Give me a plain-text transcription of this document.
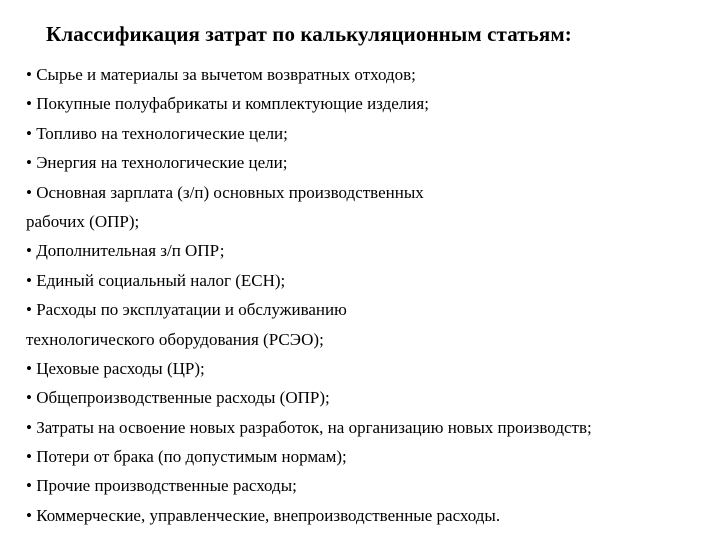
Классификация затрат по калькуляционным статьям:
• Сырье и материалы за вычетом возвратных отходов;
• Покупные полуфабрикаты и комплектующие изделия;
• Топливо на технологические цели;
• Энергия на технологические цели;
• Основная зарплата (з/п) основных производственных
рабочих (ОПР);
• Дополнительная з/п ОПР;
• Единый социальный налог (ЕСН);
• Расходы по эксплуатации и обслуживанию
технологического оборудования (РСЭО);
• Цеховые расходы (ЦР);
• Общепроизводственные расходы (ОПР);
• Затраты на освоение новых разработок, на организацию новых производств;
• Потери от брака (по допустимым нормам);
• Прочие производственные расходы;
• Коммерческие, управленческие, внепроизводственные расходы.
